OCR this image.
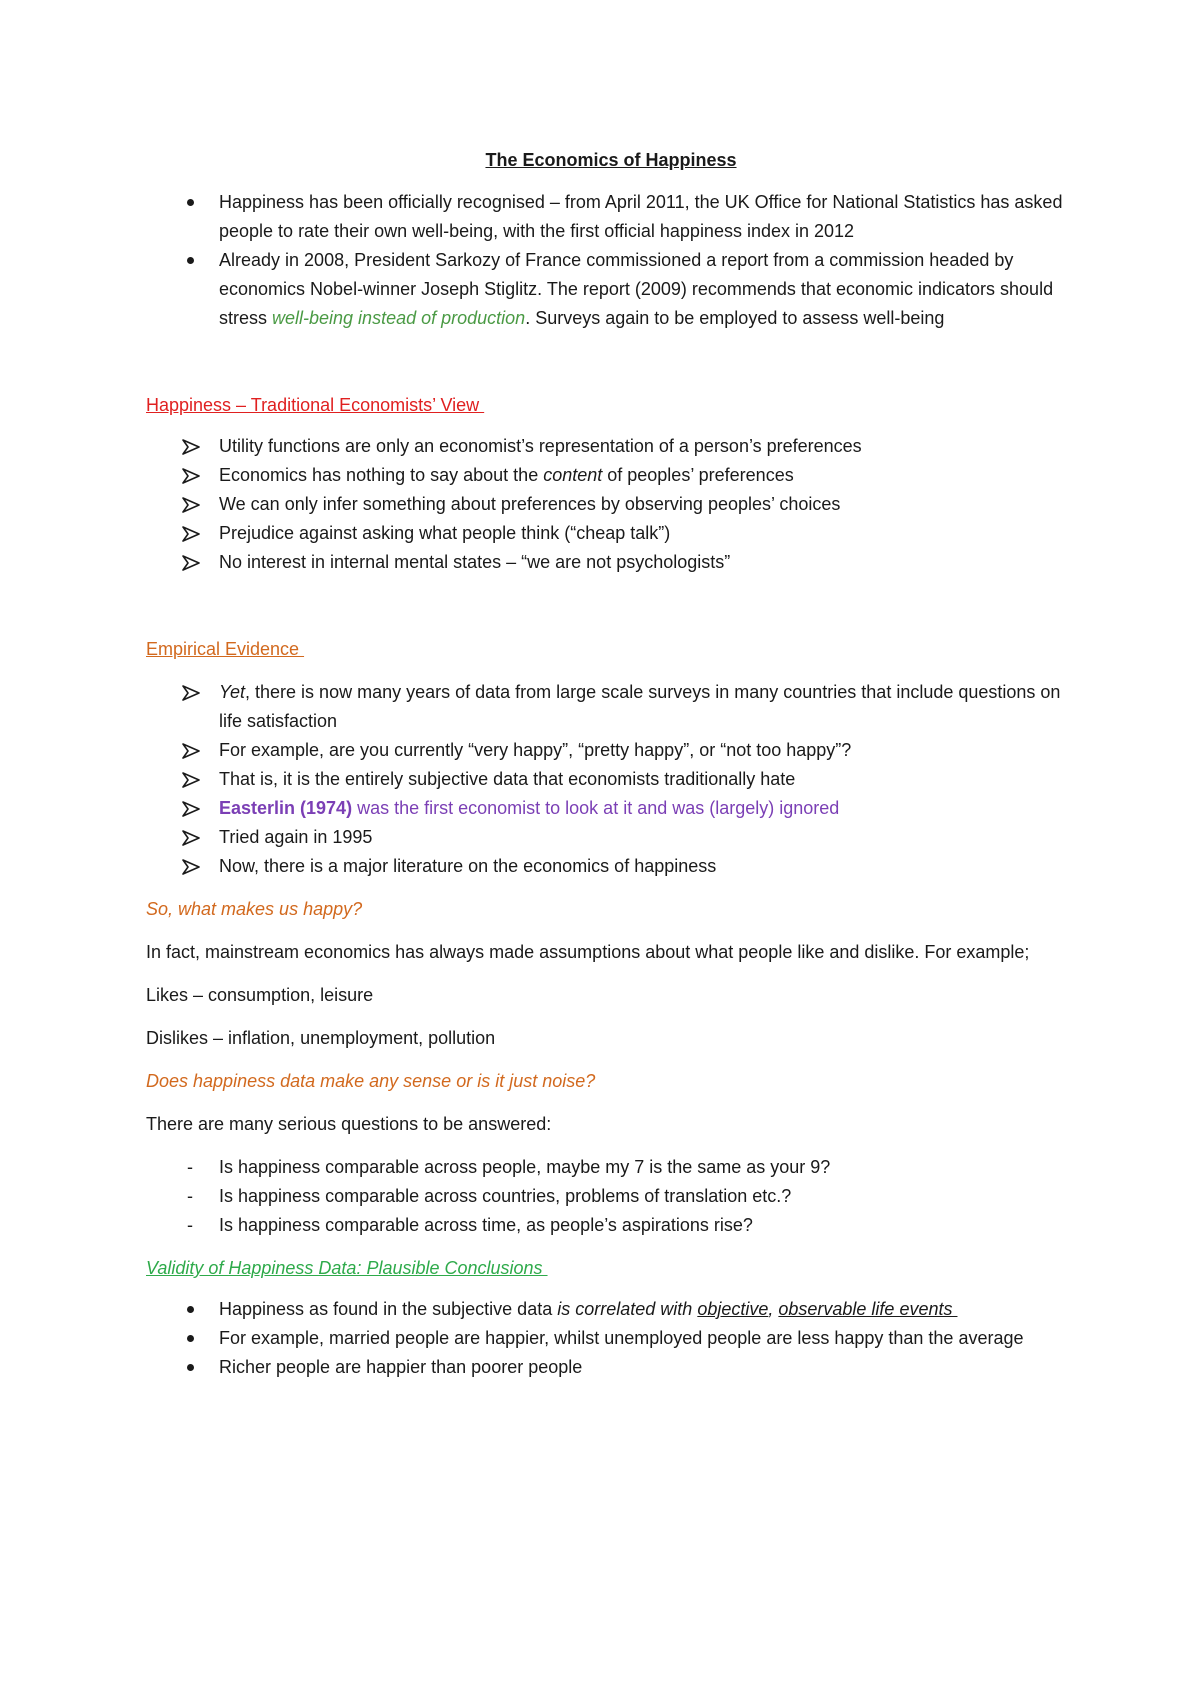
The Economics of Happiness

Happiness has been officially recognised – from April 2011, the UK Office for National Statistics has asked people to rate their own well-being, with the first official happiness index in 2012
Already in 2008, President Sarkozy of France commissioned a report from a commission headed by economics Nobel-winner Joseph Stiglitz. The report (2009) recommends that economic indicators should stress well-being instead of production. Surveys again to be employed to assess well-being

Happiness – Traditional Economists’ View

Utility functions are only an economist’s representation of a person’s preferences
Economics has nothing to say about the content of peoples’ preferences
We can only infer something about preferences by observing peoples’ choices
Prejudice against asking what people think (“cheap talk”)
No interest in internal mental states – “we are not psychologists”

Empirical Evidence

Yet, there is now many years of data from large scale surveys in many countries that include questions on life satisfaction
For example, are you currently “very happy”, “pretty happy”, or “not too happy”?
That is, it is the entirely subjective data that economists traditionally hate
Easterlin (1974) was the first economist to look at it and was (largely) ignored
Tried again in 1995
Now, there is a major literature on the economics of happiness

So, what makes us happy?

In fact, mainstream economics has always made assumptions about what people like and dislike. For example;

Likes – consumption, leisure

Dislikes – inflation, unemployment, pollution

Does happiness data make any sense or is it just noise?

There are many serious questions to be answered:

- Is happiness comparable across people, maybe my 7 is the same as your 9?
- Is happiness comparable across countries, problems of translation etc.?
- Is happiness comparable across time, as people’s aspirations rise?

Validity of Happiness Data: Plausible Conclusions

Happiness as found in the subjective data is correlated with objective, observable life events
For example, married people are happier, whilst unemployed people are less happy than the average
Richer people are happier than poorer people
